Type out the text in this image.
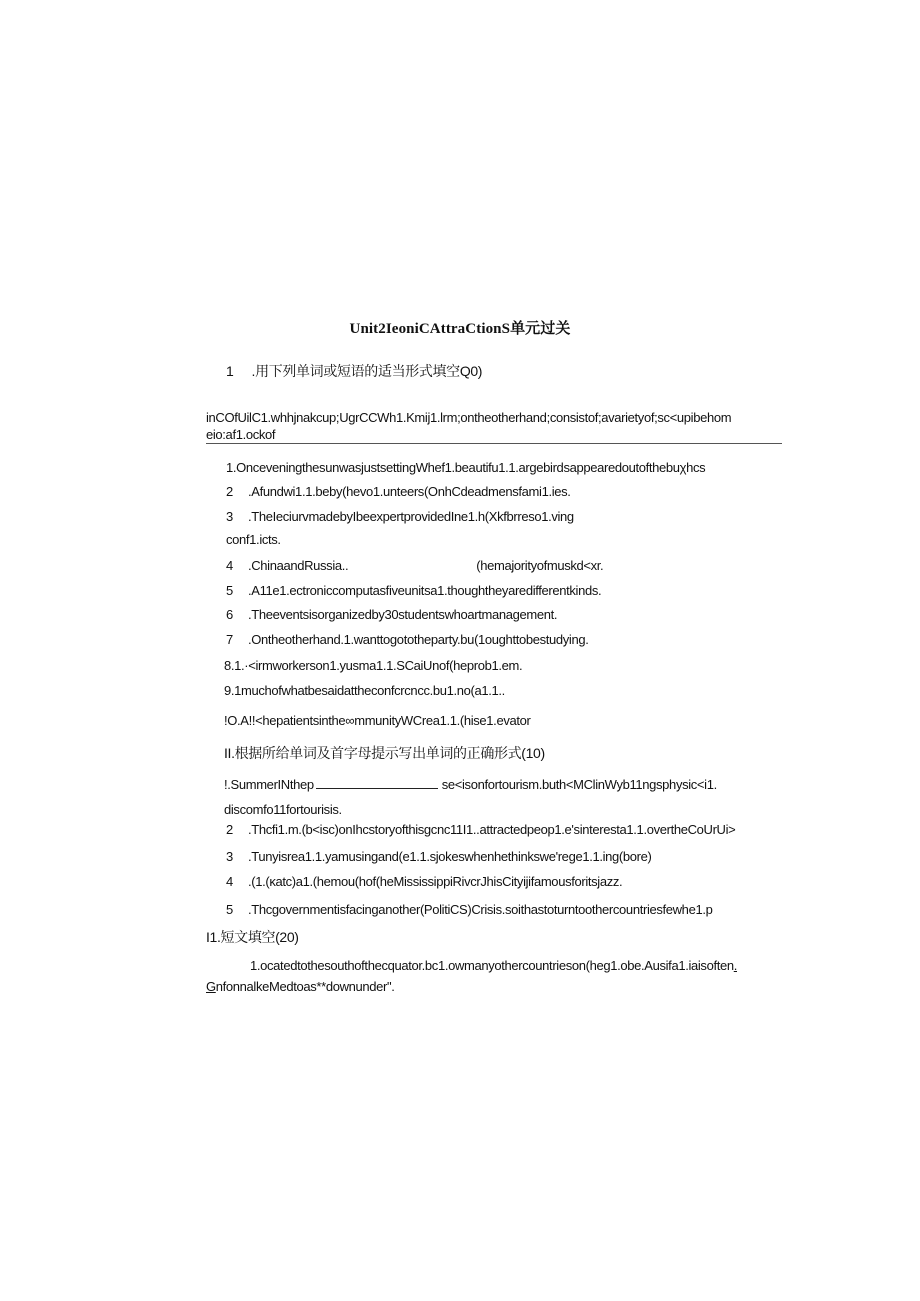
Unit2IeoniCAttraCtionS单元过关
1 .用下列单词或短语的适当形式填空Q0)
inCOfUilC1.whhjnakcup;UgrCCWh1.Kmij1.lrm;ontheotherhand;consistof;avarietyof;sc<upibehom
eio:af1.ockof
1.OnceveningthesunwasjustsettingWhef1.beautifu1.1.argebirdsappearedoutofthebuχhcs
2 .Afundwi1.1.beby(hevo1.unteers(OnhCdeadmensfami1.ies.
3 .TheIeciurvmadebyIbeexpertprovidedIne1.h(Xkfbrreso1.ving
conf1.icts.
4 .ChinaandRussia..	(hemajorityofmuskd<xr.
5 .A11e1.ectroniccomputasfiveunitsa1.thoughtheyaredifferentkinds.
6 .Theeventsisorganizedby30studentswhoartmanagement.
7 .Ontheotherhand.1.wanttogototheparty.bu(1oughttobestudying.
8.1.·<irmworkerson1.yusma1.1.SCaiUnof(heprob1.em.
9.1muchofwhatbesaidattheconfcrcncc.bu1.no(a1.1..
!O.A!!<hepatientsinthe∞mmunityWCrea1.1.(hise1.evator
II.根据所给单词及首字母提示写出单词的正确形式(10)
!.SummerINthep	se<isonfortourism.buth<MClinWyb11ngsphysic<i1.
discomfo11fortourisis.
2 .Thcfi1.m.(b<isc)onIhcstoryofthisgcnc11I1..attractedpeop1.e'sinteresta1.1.overtheCoUrUi>
3 .Tunyisrea1.1.yamusingand(e1.1.sjokeswhenhethinkswe'rege1.1.ing(bore)
4 .(1.(κatc)a1.(hemou(hof(heMississippiRivcrJhisCityijifamousforitsjazz.
5 .Thcgovernmentisfacinganother(PolitiCS)Crisis.soithastoturntoothercountriesfewhe1.p
I1.短文填空(20)
1.ocatedtothesouthofthecquator.bc1.owmanyothercountrieson(heg1.obe.Ausifa1.iaisoften.
GnfonnalkeMedtoas**downunder".
